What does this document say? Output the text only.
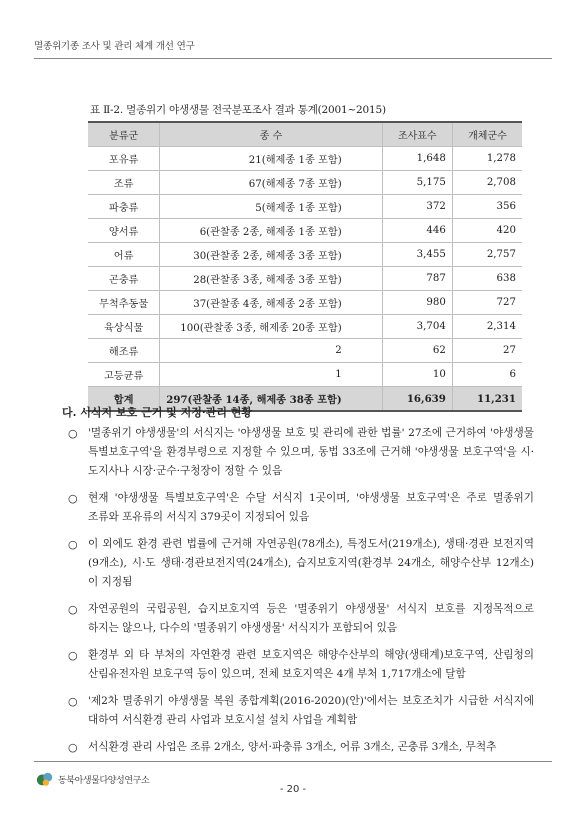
멸종위기종 조사 및 관리 체계 개선 연구
표 Ⅱ-2. 멸종위기 야생생물 전국분포조사 결과 통계(2001~2015)
분류군	종 수	조사표수	개체군수
포유류	21(해제종 1종 포함)	1,648	1,278
조류	67(해제종 7종 포함)	5,175	2,708
파충류	5(해제종 1종 포함)	372	356
양서류	6(관찰종 2종, 해제종 1종 포함)	446	420
어류	30(관찰종 2종, 해제종 3종 포함)	3,455	2,757
곤충류	28(관찰종 3종, 해제종 3종 포함)	787	638
무척추동물	37(관찰종 4종, 해제종 2종 포함)	980	727
육상식물	100(관찰종 3종, 해제종 20종 포함)	3,704	2,314
해조류	2	62	27
고등균류	1	10	6
합계	297(관찰종 14종, 해제종 38종 포함)	16,639	11,231
다. 서식지 보호 근거 및 지정·관리 현황
○ '멸종위기 야생생물'의 서식지는 '야생생물 보호 및 관리에 관한 법률' 27조에 근거하여 '야생생물 특별보호구역'을 환경부령으로 지정할 수 있으며, 동법 33조에 근거해 '야생생물 보호구역'을 시·도지사나 시장·군수·구청장이 정할 수 있음
○ 현재 '야생생물 특별보호구역'은 수달 서식지 1곳이며, '야생생물 보호구역'은 주로 멸종위기 조류와 포유류의 서식지 379곳이 지정되어 있음
○ 이 외에도 환경 관련 법률에 근거해 자연공원(78개소), 특정도서(219개소), 생태·경관 보전지역(9개소), 시·도 생태·경관보전지역(24개소), 습지보호지역(환경부 24개소, 해양수산부 12개소)이 지정됨
○ 자연공원의 국립공원, 습지보호지역 등은 '멸종위기 야생생물' 서식지 보호를 지정목적으로 하지는 않으나, 다수의 '멸종위기 야생생물' 서식지가 포함되어 있음
○ 환경부 외 타 부처의 자연환경 관련 보호지역은 해양수산부의 해양(생태계)보호구역, 산림청의 산림유전자원 보호구역 등이 있으며, 전체 보호지역은 4개 부처 1,717개소에 달함
○ '제2차 멸종위기 야생생물 복원 종합계획(2016-2020)(안)'에서는 보호조치가 시급한 서식지에 대하여 서식환경 관리 사업과 보호시설 설치 사업을 계획함
○ 서식환경 관리 사업은 조류 2개소, 양서·파충류 3개소, 어류 3개소, 곤충류 3개소, 무척추
동북아생물다양성연구소
- 20 -
